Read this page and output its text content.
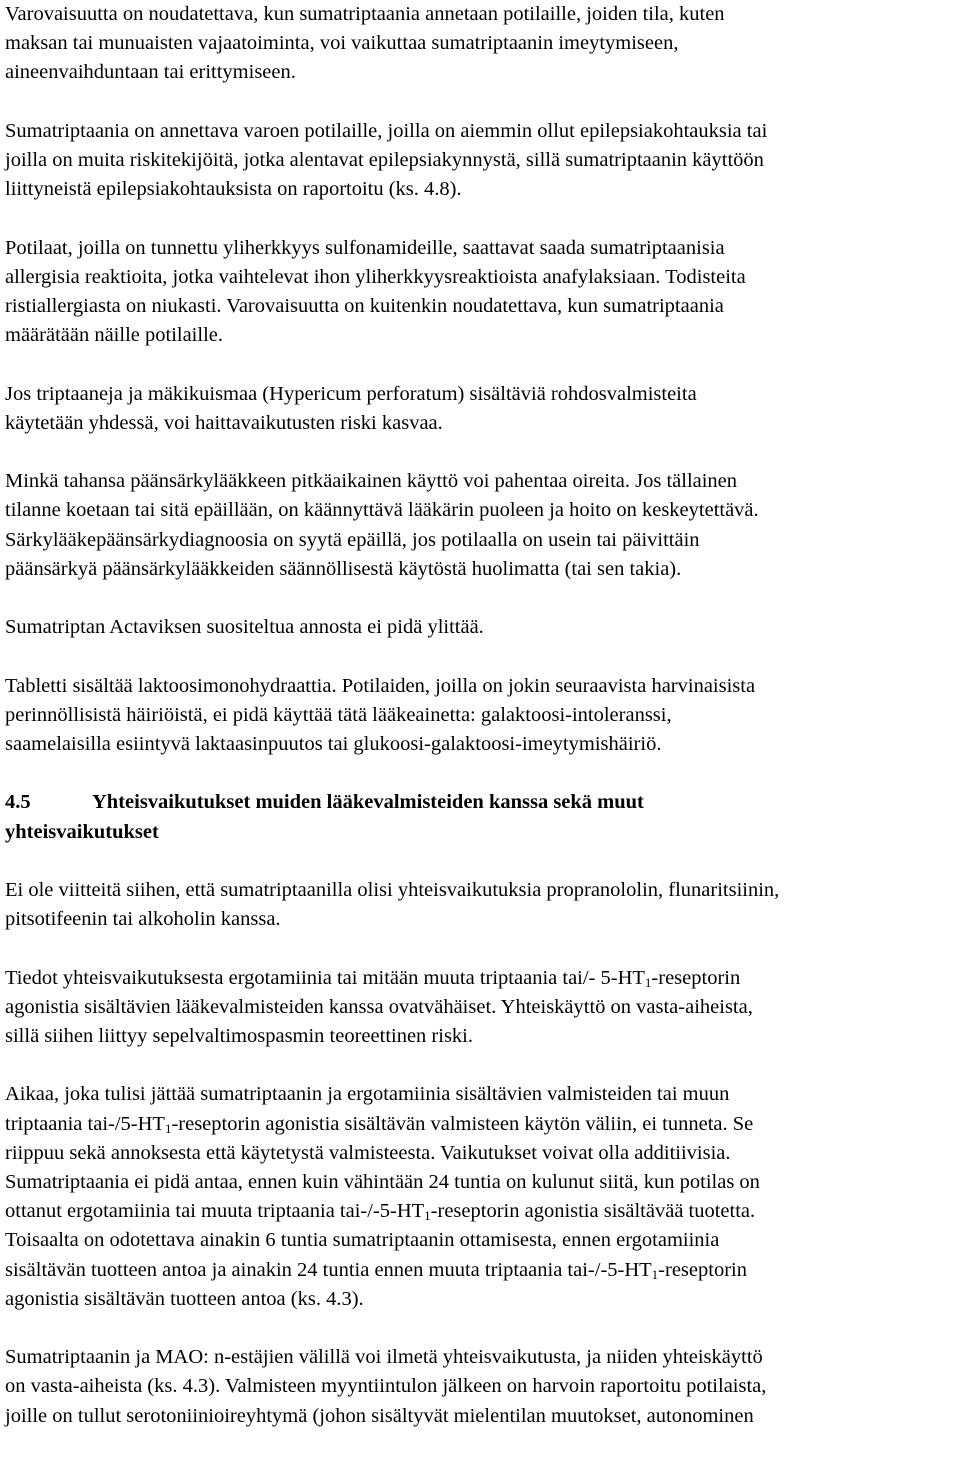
Varovaisuutta on noudatettava, kun sumatriptaania annetaan potilaille, joiden tila, kuten
maksan tai munuaisten vajaatoiminta, voi vaikuttaa sumatriptaanin imeytymiseen,
aineenvaihduntaan tai erittymiseen.

Sumatriptaania on annettava varoen potilaille, joilla on aiemmin ollut epilepsiakohtauksia tai
joilla on muita riskitekijöitä, jotka alentavat epilepsiakynnystä, sillä sumatriptaanin käyttöön
liittyneistä epilepsiakohtauksista on raportoitu (ks. 4.8).

Potilaat, joilla on tunnettu yliherkkyys sulfonamideille, saattavat saada sumatriptaanisia
allergisia reaktioita, jotka vaihtelevat ihon yliherkkyysreaktioista anafylaksiaan. Todisteita
ristiallergiasta on niukasti. Varovaisuutta on kuitenkin noudatettava, kun sumatriptaania
määrätään näille potilaille.

Jos triptaaneja ja mäkikuismaa (Hypericum perforatum) sisältäviä rohdosvalmisteita
käytetään yhdessä, voi haittavaikutusten riski kasvaa.

Minkä tahansa päänsärkylääkkeen pitkäaikainen käyttö voi pahentaa oireita. Jos tällainen
tilanne koetaan tai sitä epäillään, on käännyttävä lääkärin puoleen ja hoito on keskeytettävä.
Särkylääkepäänsärkydiagnoosia on syytä epäillä, jos potilaalla on usein tai päivittäin
päänsärkyä päänsärkylääkkeiden säännöllisestä käytöstä huolimatta (tai sen takia).

Sumatriptan Actaviksen suositeltua annosta ei pidä ylittää.

Tabletti sisältää laktoosimonohydraattia. Potilaiden, joilla on jokin seuraavista harvinaisista
perinnöllisistä häiriöistä, ei pidä käyttää tätä lääkeainetta: galaktoosi-intoleranssi,
saamelaisilla esiintyvä laktaasinpuutos tai glukoosi-galaktoosi-imeytymishäiriö.

4.5	Yhteisvaikutukset muiden lääkevalmisteiden kanssa sekä muut
yhteisvaikutukset

Ei ole viitteitä siihen, että sumatriptaanilla olisi yhteisvaikutuksia propranololin, flunaritsiinin,
pitsotifeenin tai alkoholin kanssa.

Tiedot yhteisvaikutuksesta ergotamiinia tai mitään muuta triptaania tai/- $5-HT_1$-reseptorin
agonistia sisältävien lääkevalmisteiden kanssa ovatvähäiset. Yhteiskäyttö on vasta-aiheista,
sillä siihen liittyy sepelvaltimospasmin teoreettinen riski.

Aikaa, joka tulisi jättää sumatriptaanin ja ergotamiinia sisältävien valmisteiden tai muun
triptaania tai-$/5-HT_1$-reseptorin agonistia sisältävän valmisteen käytön väliin, ei tunneta. Se
riippuu sekä annoksesta että käytetystä valmisteesta. Vaikutukset voivat olla additiivisia.
Sumatriptaania ei pidä antaa, ennen kuin vähintään 24 tuntia on kulunut siitä, kun potilas on
ottanut ergotamiinia tai muuta triptaania tai-$/-5-HT_1$-reseptorin agonistia sisältävää tuotetta.
Toisaalta on odotettava ainakin 6 tuntia sumatriptaanin ottamisesta, ennen ergotamiinia
sisältävän tuotteen antoa ja ainakin 24 tuntia ennen muuta triptaania tai-$/-5-HT_1$-reseptorin
agonistia sisältävän tuotteen antoa (ks. 4.3).

Sumatriptaanin ja MAO: n-estäjien välillä voi ilmetä yhteisvaikutusta, ja niiden yhteiskäyttö
on vasta-aiheista (ks. 4.3). Valmisteen myyntiintulon jälkeen on harvoin raportoitu potilaista,
joille on tullut serotoniinioireyhtymä (johon sisältyvät mielentilan muutokset, autonominen
